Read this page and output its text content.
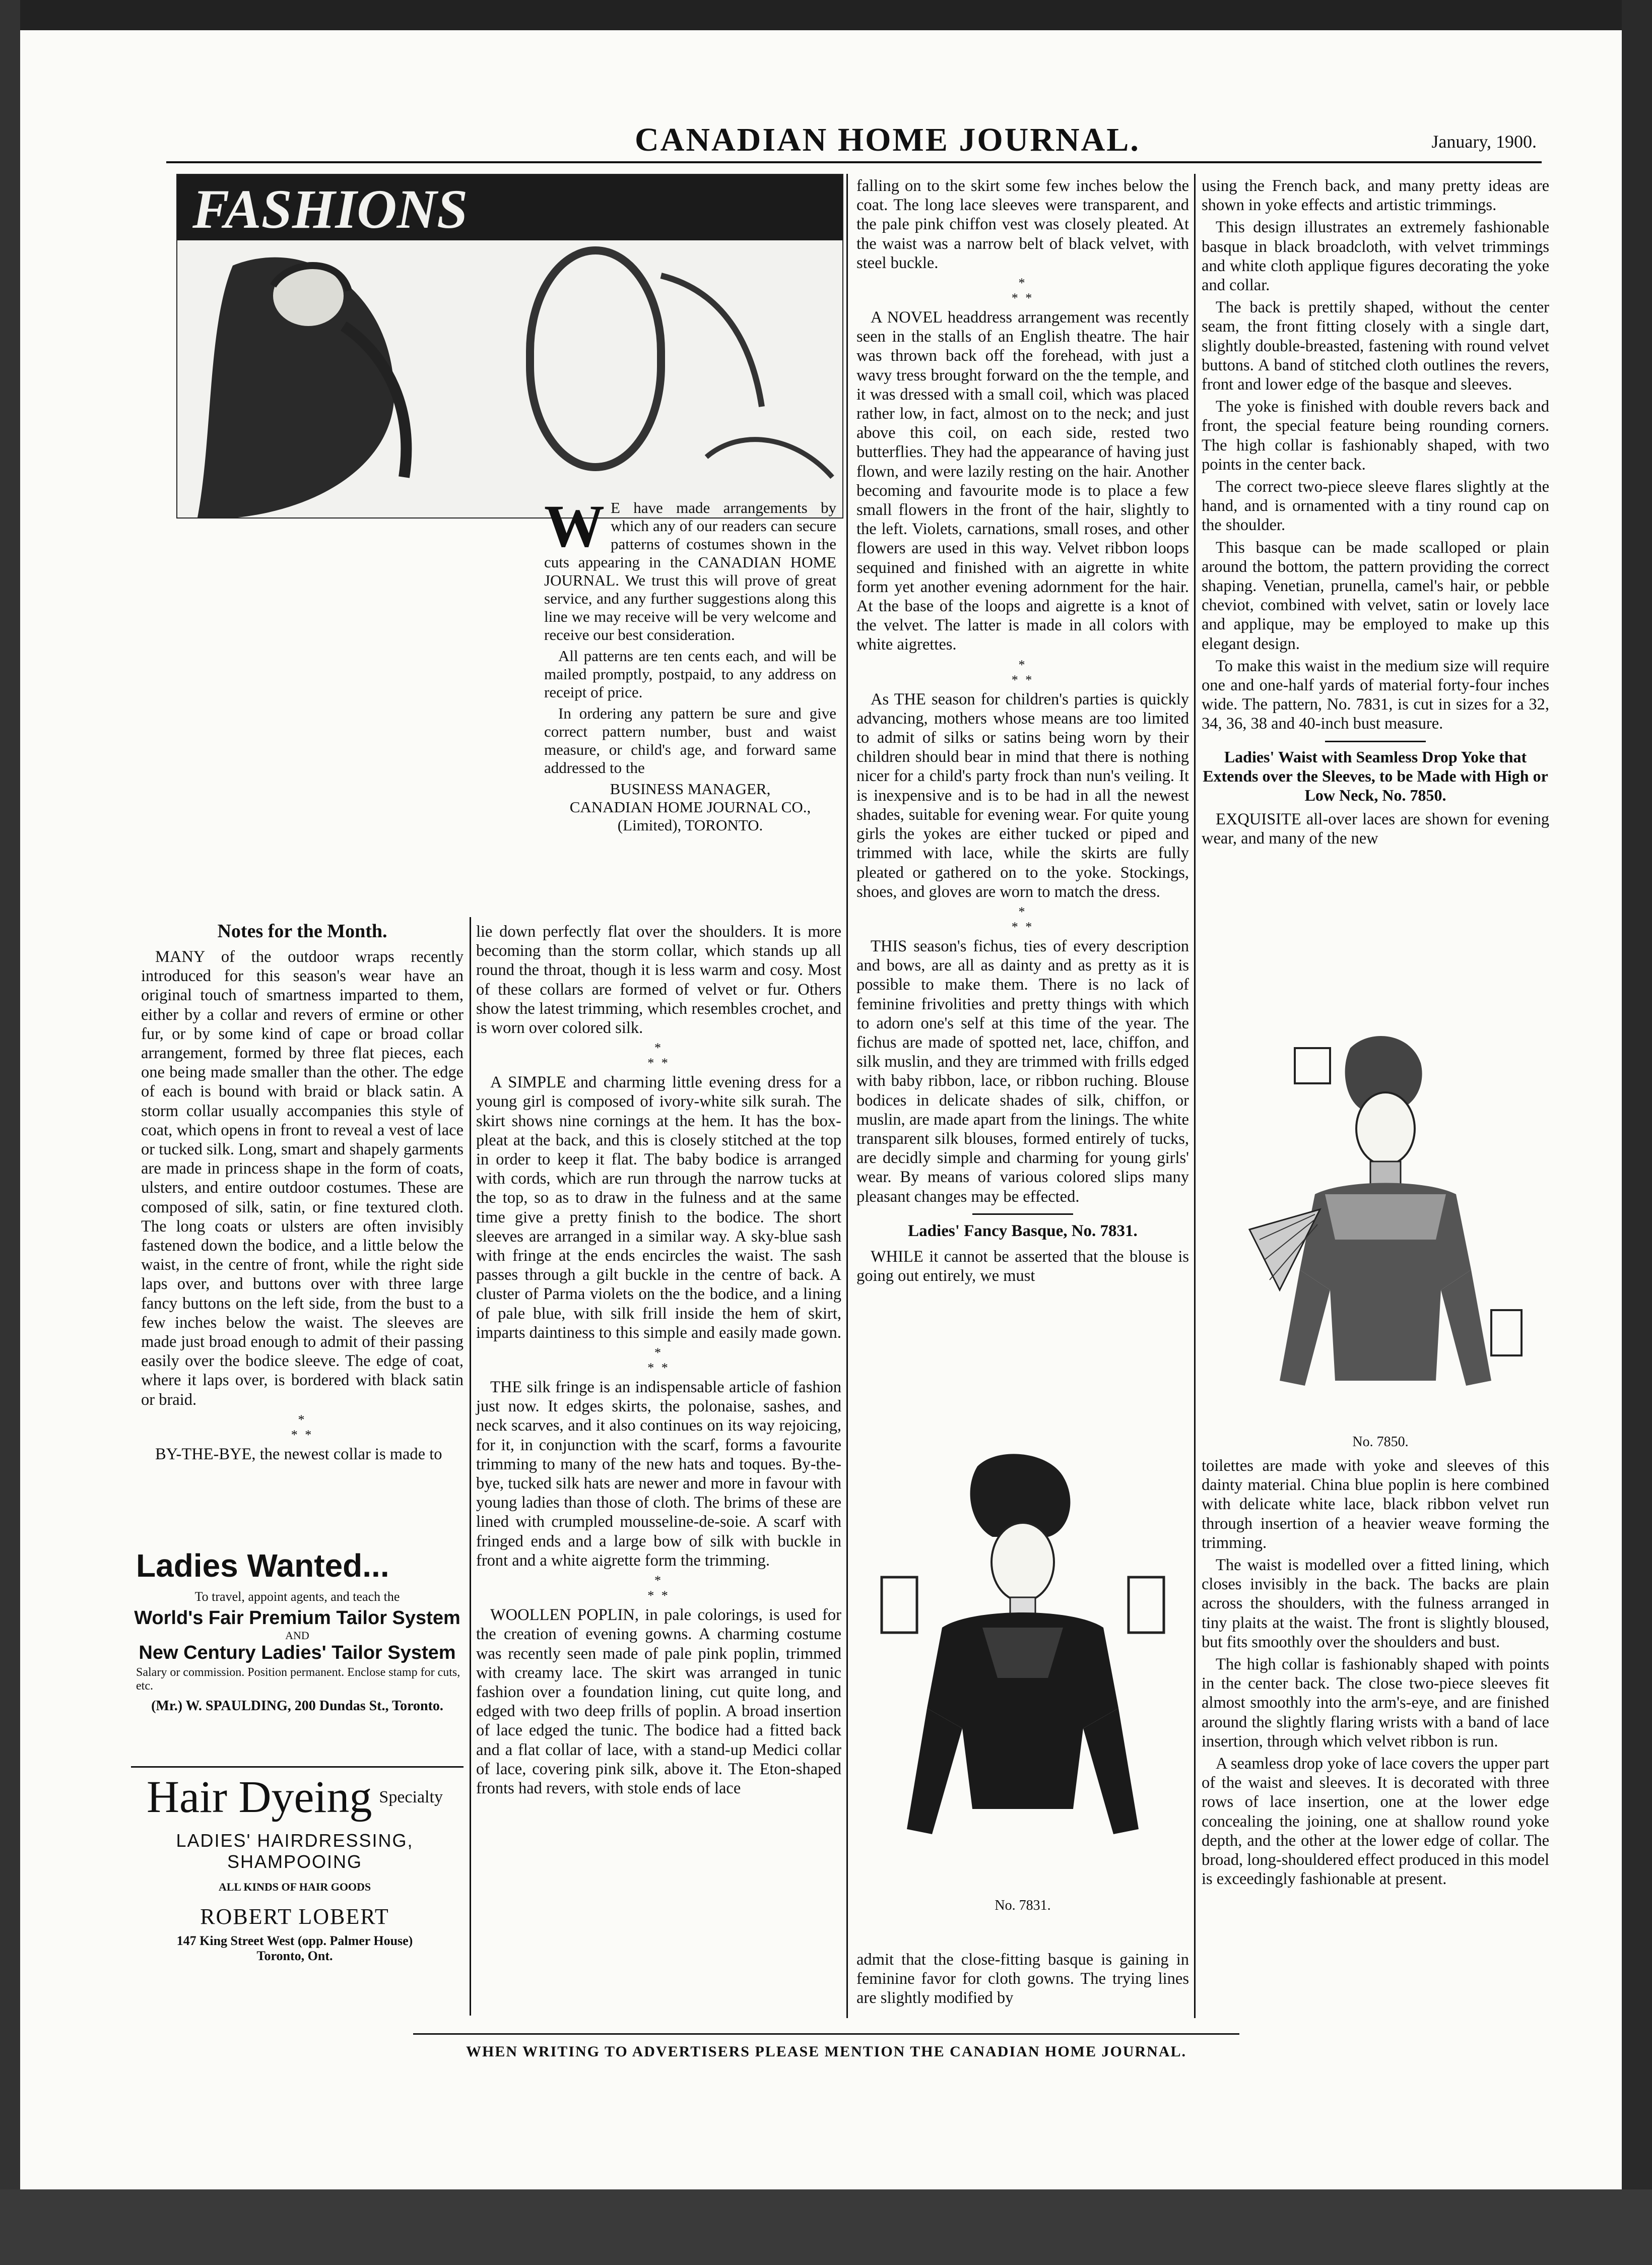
CANADIAN HOME JOURNAL.	January, 1900.
FASHIONS

W E have made arrangements by which any of our readers can secure patterns of costumes shown in the cuts appearing in the CANADIAN HOME JOURNAL. We trust this will prove of great service, and any further suggestions along this line we may receive will be very welcome and receive our best consideration.

All patterns are ten cents each, and will be mailed promptly, postpaid, to any address on receipt of price.

In ordering any pattern be sure and give correct pattern number, bust and waist measure, or child's age, and forward same addressed to the

BUSINESS MANAGER,
CANADIAN HOME JOURNAL CO.,
(Limited), TORONTO.
Notes for the Month.

MANY of the outdoor wraps recently introduced for this season's wear have an original touch of smartness imparted to them, either by a collar and revers of ermine or other fur, or by some kind of cape or broad collar arrangement, formed by three flat pieces, each one being made smaller than the other. The edge of each is bound with braid or black satin. A storm collar usually accompanies this style of coat, which opens in front to reveal a vest of lace or tucked silk. Long, smart and shapely garments are made in princess shape in the form of coats, ulsters, and entire outdoor costumes. These are composed of silk, satin, or fine textured cloth. The long coats or ulsters are often invisibly fastened down the bodice, and a little below the waist, in the centre of front, while the right side laps over, and buttons over with three large fancy buttons on the left side, from the bust to a few inches below the waist. The sleeves are made just broad enough to admit of their passing easily over the bodice sleeve. The edge of coat, where it laps over, is bordered with black satin or braid.

*
* *

BY-THE-BYE, the newest collar is made to

Ladies Wanted...
To travel, appoint agents, and teach the
World's Fair Premium Tailor System
AND
New Century Ladies' Tailor System
Salary or commission. Position permanent. Enclose stamp for cuts, etc.
(Mr.) W. SPAULDING, 200 Dundas St., Toronto.
Hair Dyeing Specialty
LADIES' HAIRDRESSING,
SHAMPOOING
ALL KINDS OF HAIR GOODS
ROBERT LOBERT
147 King Street West (opp. Palmer House)
Toronto, Ont.

lie down perfectly flat over the shoulders. It is more becoming than the storm collar, which stands up all round the throat, though it is less warm and cosy. Most of these collars are formed of velvet or fur. Others show the latest trimming, which resembles crochet, and is worn over colored silk.

*
* *

A SIMPLE and charming little evening dress for a young girl is composed of ivory-white silk surah. The skirt shows nine cornings at the hem. It has the box-pleat at the back, and this is closely stitched at the top in order to keep it flat. The baby bodice is arranged with cords, which are run through the narrow tucks at the top, so as to draw in the fulness and at the same time give a pretty finish to the bodice. The short sleeves are arranged in a similar way. A sky-blue sash with fringe at the ends encircles the waist. The sash passes through a gilt buckle in the centre of back. A cluster of Parma violets on the the bodice, and a lining of pale blue, with silk frill inside the hem of skirt, imparts daintiness to this simple and easily made gown.

*
* *

THE silk fringe is an indispensable article of fashion just now. It edges skirts, the polonaise, sashes, and neck scarves, and it also continues on its way rejoicing, for it, in conjunction with the scarf, forms a favourite trimming to many of the new hats and toques. By-the-bye, tucked silk hats are newer and more in favour with young ladies than those of cloth. The brims of these are lined with crumpled mousseline-de-soie. A scarf with fringed ends and a large bow of silk with buckle in front and a white aigrette form the trimming.

*
* *

WOOLLEN POPLIN, in pale colorings, is used for the creation of evening gowns. A charming costume was recently seen made of pale pink poplin, trimmed with creamy lace. The skirt was arranged in tunic fashion over a foundation lining, cut quite long, and edged with two deep frills of poplin. A broad insertion of lace edged the tunic. The bodice had a fitted back and a flat collar of lace, with a stand-up Medici collar of lace, covering pink silk, above it. The Eton-shaped fronts had revers, with stole ends of lace

falling on to the skirt some few inches below the coat. The long lace sleeves were transparent, and the pale pink chiffon vest was closely pleated. At the waist was a narrow belt of black velvet, with steel buckle.

*
* *

A NOVEL headdress arrangement was recently seen in the stalls of an English theatre. The hair was thrown back off the forehead, with just a wavy tress brought forward on the the temple, and it was dressed with a small coil, which was placed rather low, in fact, almost on to the neck; and just above this coil, on each side, rested two butterflies. They had the appearance of having just flown, and were lazily resting on the hair. Another becoming and favourite mode is to place a few small flowers in the front of the hair, slightly to the left. Violets, carnations, small roses, and other flowers are used in this way. Velvet ribbon loops sequined and finished with an aigrette in white form yet another evening adornment for the hair. At the base of the loops and aigrette is a knot of the velvet. The latter is made in all colors with white aigrettes.

*
* *

As THE season for children's parties is quickly advancing, mothers whose means are too limited to admit of silks or satins being worn by their children should bear in mind that there is nothing nicer for a child's party frock than nun's veiling. It is inexpensive and is to be had in all the newest shades, suitable for evening wear. For quite young girls the yokes are either tucked or piped and trimmed with lace, while the skirts are fully pleated or gathered on to the yoke. Stockings, shoes, and gloves are worn to match the dress.

*
* *

THIS season's fichus, ties of every description and bows, are all as dainty and as pretty as it is possible to make them. There is no lack of feminine frivolities and pretty things with which to adorn one's self at this time of the year. The fichus are made of spotted net, lace, chiffon, and silk muslin, and they are trimmed with frills edged with baby ribbon, lace, or ribbon ruching. Blouse bodices in delicate shades of silk, chiffon, or muslin, are made apart from the linings. The white transparent silk blouses, formed entirely of tucks, are decidly simple and charming for young girls' wear. By means of various colored slips many pleasant changes may be effected.

Ladies' Fancy Basque, No. 7831.

WHILE it cannot be asserted that the blouse is going out entirely, we must

No. 7831.

admit that the close-fitting basque is gaining in feminine favor for cloth gowns. The trying lines are slightly modified by

using the French back, and many pretty ideas are shown in yoke effects and artistic trimmings.

This design illustrates an extremely fashionable basque in black broadcloth, with velvet trimmings and white cloth applique figures decorating the yoke and collar.

The back is prettily shaped, without the center seam, the front fitting closely with a single dart, slightly double-breasted, fastening with round velvet buttons. A band of stitched cloth outlines the revers, front and lower edge of the basque and sleeves.

The yoke is finished with double revers back and front, the special feature being rounding corners. The high collar is fashionably shaped, with two points in the center back.

The correct two-piece sleeve flares slightly at the hand, and is ornamented with a tiny round cap on the shoulder.

This basque can be made scalloped or plain around the bottom, the pattern providing the correct shaping. Venetian, prunella, camel's hair, or pebble cheviot, combined with velvet, satin or lovely lace and applique, may be employed to make up this elegant design.

To make this waist in the medium size will require one and one-half yards of material forty-four inches wide. The pattern, No. 7831, is cut in sizes for a 32, 34, 36, 38 and 40-inch bust measure.

Ladies' Waist with Seamless Drop Yoke that Extends over the Sleeves, to be Made with High or Low Neck, No. 7850.

EXQUISITE all-over laces are shown for evening wear, and many of the new

No. 7850.

toilettes are made with yoke and sleeves of this dainty material. China blue poplin is here combined with delicate white lace, black ribbon velvet run through insertion of a heavier weave forming the trimming.

The waist is modelled over a fitted lining, which closes invisibly in the back. The backs are plain across the shoulders, with the fulness arranged in tiny plaits at the waist. The front is slightly bloused, but fits smoothly over the shoulders and bust.

The high collar is fashionably shaped with points in the center back. The close two-piece sleeves fit almost smoothly into the arm's-eye, and are finished around the slightly flaring wrists with a band of lace insertion, through which velvet ribbon is run.

A seamless drop yoke of lace covers the upper part of the waist and sleeves. It is decorated with three rows of lace insertion, one at the lower edge concealing the joining, one at shallow round yoke depth, and the other at the lower edge of collar. The broad, long-shouldered effect produced in this model is exceedingly fashionable at present.

WHEN WRITING TO ADVERTISERS PLEASE MENTION THE CANADIAN HOME JOURNAL.
